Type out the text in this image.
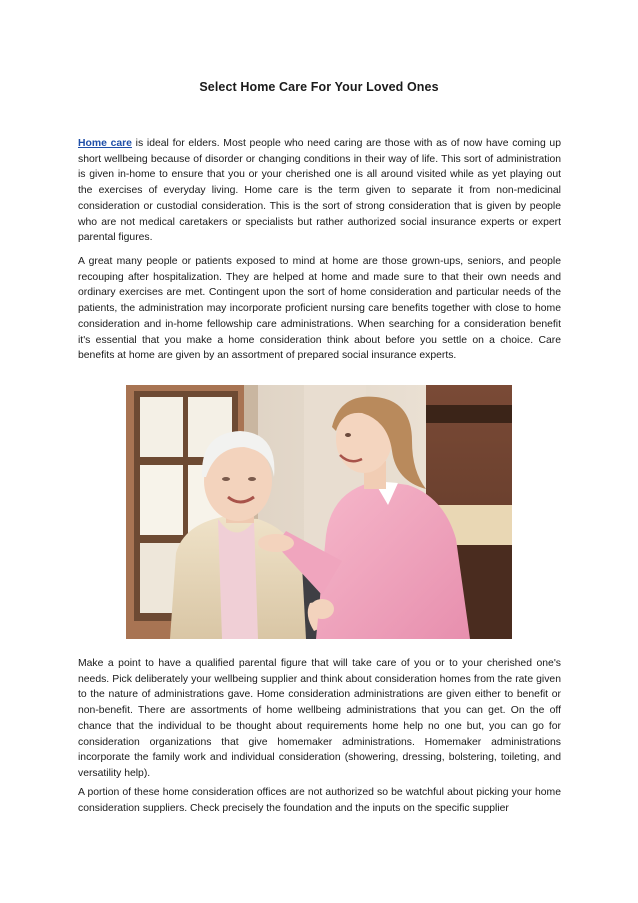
Select Home Care For Your Loved Ones

Home care is ideal for elders. Most people who need caring are those with as of now have coming up short wellbeing because of disorder or changing conditions in their way of life. This sort of administration is given in-home to ensure that you or your cherished one is all around visited while as yet playing out the exercises of everyday living. Home care is the term given to separate it from non-medicinal consideration or custodial consideration. This is the sort of strong consideration that is given by people who are not medical caretakers or specialists but rather authorized social insurance experts or expert parental figures.

A great many people or patients exposed to mind at home are those grown-ups, seniors, and people recouping after hospitalization. They are helped at home and made sure to that their own needs and ordinary exercises are met. Contingent upon the sort of home consideration and particular needs of the patients, the administration may incorporate proficient nursing care benefits together with close to home consideration and in-home fellowship care administrations. When searching for a consideration benefit it's essential that you make a home consideration think about before you settle on a choice. Care benefits at home are given by an assortment of prepared social insurance experts.

Make a point to have a qualified parental figure that will take care of you or to your cherished one's needs. Pick deliberately your wellbeing supplier and think about consideration homes from the rate given to the nature of administrations gave. Home consideration administrations are given either to benefit or non-benefit. There are assortments of home wellbeing administrations that you can get. On the off chance that the individual to be thought about requirements home help no one but, you can go for consideration organizations that give homemaker administrations. Homemaker administrations incorporate the family work and individual consideration (showering, dressing, bolstering, toileting, and versatility help).

A portion of these home consideration offices are not authorized so be watchful about picking your home consideration suppliers. Check precisely the foundation and the inputs on the specific supplier
